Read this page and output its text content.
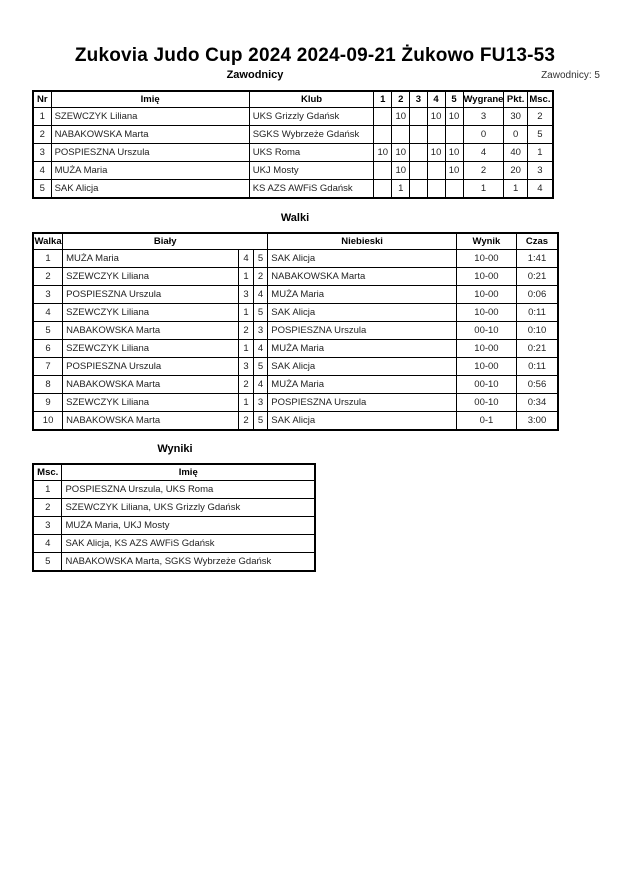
Zukovia Judo Cup 2024 2024-09-21 Żukowo FU13-53
Zawodnicy	Zawodnicy: 5
Nr	Imię	Klub	1	2	3	4	5	Wygrane	Pkt.	Msc.
1	SZEWCZYK Liliana	UKS Grizzly Gdańsk		10		10	10	3	30	2
2	NABAKOWSKA Marta	SGKS Wybrzeże Gdańsk						0	0	5
3	POSPIESZNA Urszula	UKS Roma	10	10		10	10	4	40	1
4	MUŻA Maria	UKJ Mosty		10			10	2	20	3
5	SAK Alicja	KS AZS AWFiS Gdańsk		1				1	1	4
Walki
Walka	Biały			Niebieski	Wynik	Czas
1	MUŻA Maria	4	5	SAK Alicja	10-00	1:41
2	SZEWCZYK Liliana	1	2	NABAKOWSKA Marta	10-00	0:21
3	POSPIESZNA Urszula	3	4	MUŻA Maria	10-00	0:06
4	SZEWCZYK Liliana	1	5	SAK Alicja	10-00	0:11
5	NABAKOWSKA Marta	2	3	POSPIESZNA Urszula	00-10	0:10
6	SZEWCZYK Liliana	1	4	MUŻA Maria	10-00	0:21
7	POSPIESZNA Urszula	3	5	SAK Alicja	10-00	0:11
8	NABAKOWSKA Marta	2	4	MUŻA Maria	00-10	0:56
9	SZEWCZYK Liliana	1	3	POSPIESZNA Urszula	00-10	0:34
10	NABAKOWSKA Marta	2	5	SAK Alicja	0-1	3:00
Wyniki
Msc.	Imię
1	POSPIESZNA Urszula, UKS Roma
2	SZEWCZYK Liliana, UKS Grizzly Gdańsk
3	MUŻA Maria, UKJ Mosty
4	SAK Alicja, KS AZS AWFiS Gdańsk
5	NABAKOWSKA Marta, SGKS Wybrzeże Gdańsk
